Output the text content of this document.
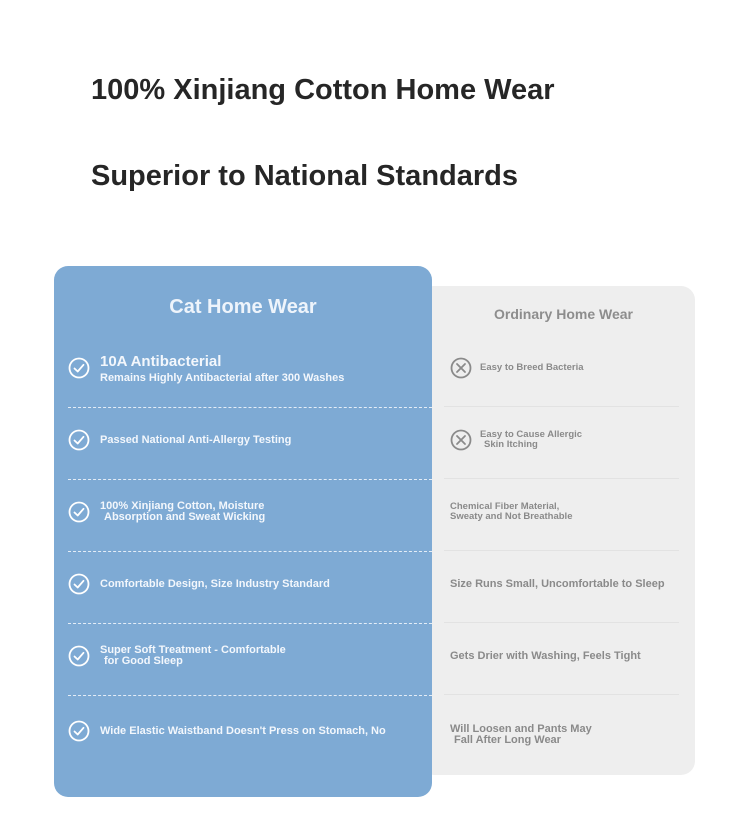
100% Xinjiang Cotton Home Wear
Superior to National Standards
Ordinary Home Wear
Easy to Breed Bacteria
Easy to Cause Allergic
Skin Itching
Chemical Fiber Material,
Sweaty and Not Breathable
Size Runs Small, Uncomfortable to Sleep
Gets Drier with Washing, Feels Tight
Will Loosen and Pants May
Fall After Long Wear
Cat Home Wear
10A Antibacterial
Remains Highly Antibacterial after 300 Washes
Passed National Anti-Allergy Testing
100% Xinjiang Cotton, Moisture
Absorption and Sweat Wicking
Comfortable Design, Size Industry Standard
Super Soft Treatment - Comfortable
for Good Sleep
Wide Elastic Waistband Doesn't Press on Stomach, No
